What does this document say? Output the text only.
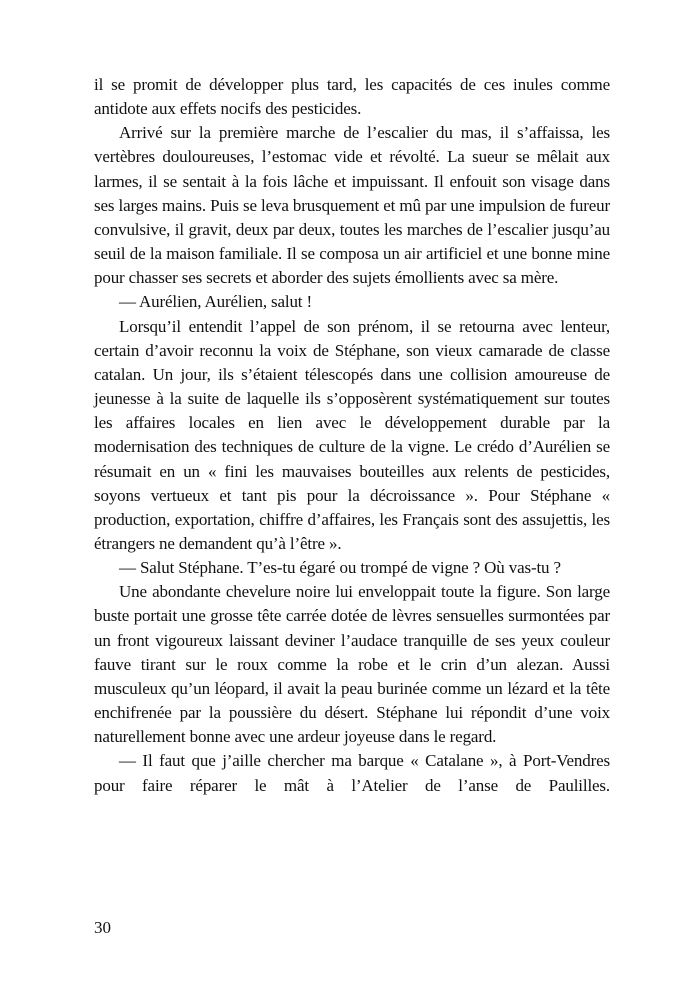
il se promit de développer plus tard, les capacités de ces inules comme antidote aux effets nocifs des pesticides.

Arrivé sur la première marche de l’escalier du mas, il s’affaissa, les vertèbres douloureuses, l’estomac vide et révolté. La sueur se mêlait aux larmes, il se sentait à la fois lâche et impuissant. Il enfouit son visage dans ses larges mains. Puis se leva brusquement et mû par une impulsion de fureur convulsive, il gravit, deux par deux, toutes les marches de l’escalier jusqu’au seuil de la maison familiale. Il se composa un air artificiel et une bonne mine pour chasser ses secrets et aborder des sujets émollients avec sa mère.

— Aurélien, Aurélien, salut !

Lorsqu’il entendit l’appel de son prénom, il se retourna avec lenteur, certain d’avoir reconnu la voix de Stéphane, son vieux camarade de classe catalan. Un jour, ils s’étaient télescopés dans une collision amoureuse de jeunesse à la suite de laquelle ils s’opposèrent systématiquement sur toutes les affaires locales en lien avec le développement durable par la modernisation des techniques de culture de la vigne. Le crédo d’Aurélien se résumait en un « fini les mauvaises bouteilles aux relents de pesticides, soyons vertueux et tant pis pour la décroissance ». Pour Stéphane « production, exportation, chiffre d’affaires, les Français sont des assujettis, les étrangers ne demandent qu’à l’être ».

— Salut Stéphane. T’es-tu égaré ou trompé de vigne ? Où vas-tu ?

Une abondante chevelure noire lui enveloppait toute la figure. Son large buste portait une grosse tête carrée dotée de lèvres sensuelles surmontées par un front vigoureux laissant deviner l’audace tranquille de ses yeux couleur fauve tirant sur le roux comme la robe et le crin d’un alezan. Aussi musculeux qu’un léopard, il avait la peau burinée comme un lézard et la tête enchifrenée par la poussière du désert. Stéphane lui répondit d’une voix naturellement bonne avec une ardeur joyeuse dans le regard.

— Il faut que j’aille chercher ma barque « Catalane », à Port-Vendres pour faire réparer le mât à l’Atelier de l’anse de Paulilles.

30
